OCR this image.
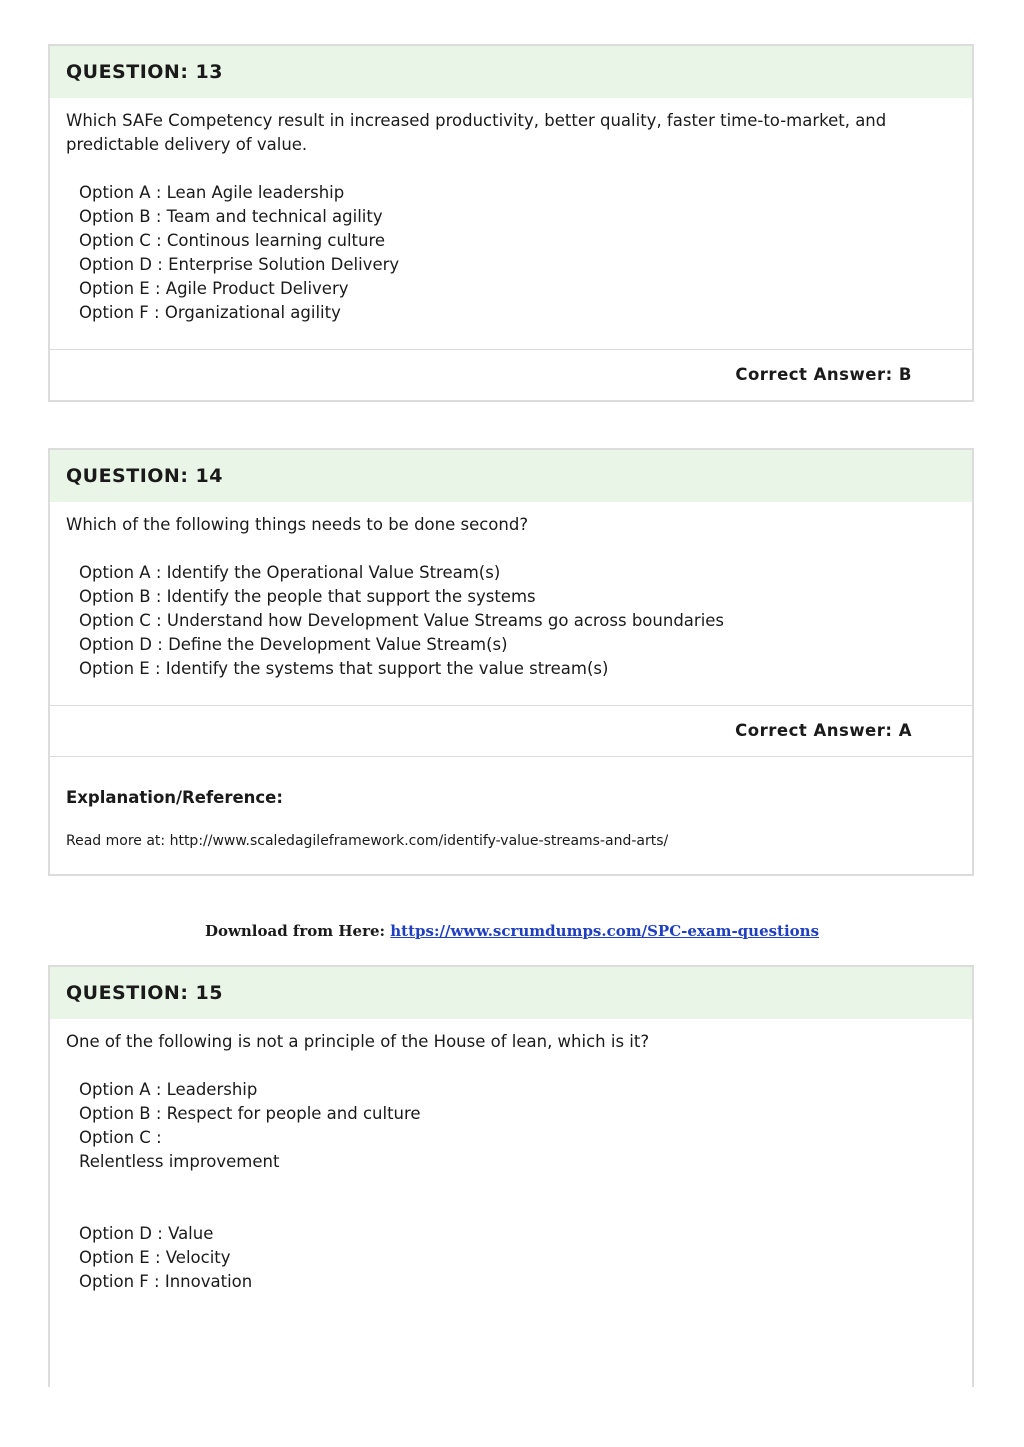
QUESTION: 13

Which SAFe Competency result in increased productivity, better quality, faster time-to-market, and predictable delivery of value.

Option A : Lean Agile leadership
Option B : Team and technical agility
Option C : Continous learning culture
Option D : Enterprise Solution Delivery
Option E : Agile Product Delivery
Option F : Organizational agility
Correct Answer: B
QUESTION: 14

Which of the following things needs to be done second?

Option A : Identify the Operational Value Stream(s)
Option B : Identify the people that support the systems
Option C : Understand how Development Value Streams go across boundaries
Option D : Define the Development Value Stream(s)
Option E : Identify the systems that support the value stream(s)
Correct Answer: A
Explanation/Reference:
Read more at: http://www.scaledagileframework.com/identify-value-streams-and-arts/
Download from Here: https://www.scrumdumps.com/SPC-exam-questions
QUESTION: 15

One of the following is not a principle of the House of lean, which is it?

Option A : Leadership
Option B : Respect for people and culture
Option C :
Relentless improvement
Option D : Value
Option E : Velocity
Option F : Innovation
